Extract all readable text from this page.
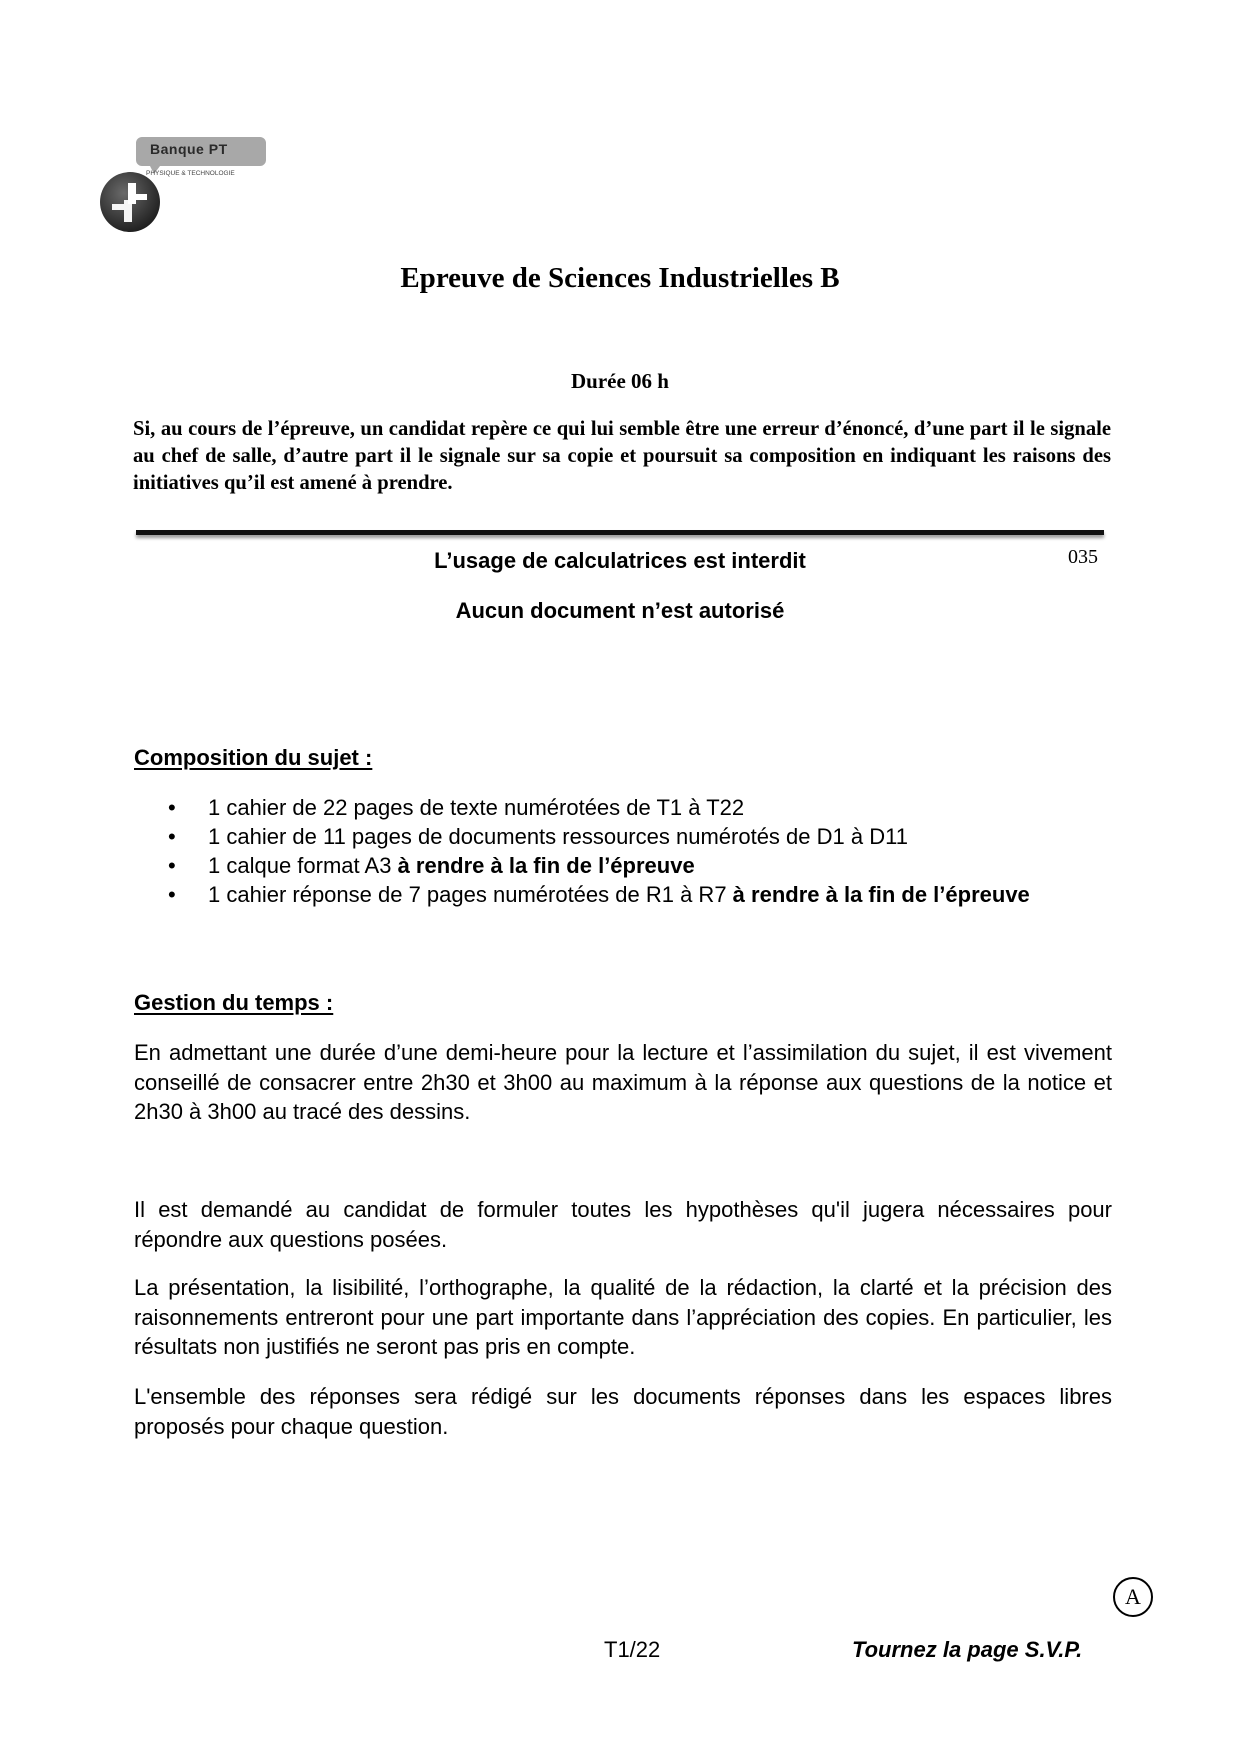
Banque PT
PHYSIQUE & TECHNOLOGIE
Epreuve de Sciences Industrielles B
Durée 06 h

Si, au cours de l’épreuve, un candidat repère ce qui lui semble être une erreur d’énoncé, d’une part il le signale au chef de salle, d’autre part il le signale sur sa copie et poursuit sa composition en indiquant les raisons des initiatives qu’il est amené à prendre.

035
L’usage de calculatrices est interdit
Aucun document n’est autorisé
Composition du sujet :
• 1 cahier de 22 pages de texte numérotées de T1 à T22
• 1 cahier de 11 pages de documents ressources numérotés de D1 à D11
• 1 calque format A3 à rendre à la fin de l’épreuve
• 1 cahier réponse de 7 pages numérotées de R1 à R7 à rendre à la fin de l’épreuve
Gestion du temps :

En admettant une durée d’une demi-heure pour la lecture et l’assimilation du sujet, il est vivement conseillé de consacrer entre 2h30 et 3h00 au maximum à la réponse aux questions de la notice et 2h30 à 3h00 au tracé des dessins.

Il est demandé au candidat de formuler toutes les hypothèses qu'il jugera nécessaires pour répondre aux questions posées.

La présentation, la lisibilité, l’orthographe, la qualité de la rédaction, la clarté et la précision des raisonnements entreront pour une part importante dans l’appréciation des copies. En particulier, les résultats non justifiés ne seront pas pris en compte.

L'ensemble des réponses sera rédigé sur les documents réponses dans les espaces libres proposés pour chaque question.

A
T1/22	Tournez la page S.V.P.
